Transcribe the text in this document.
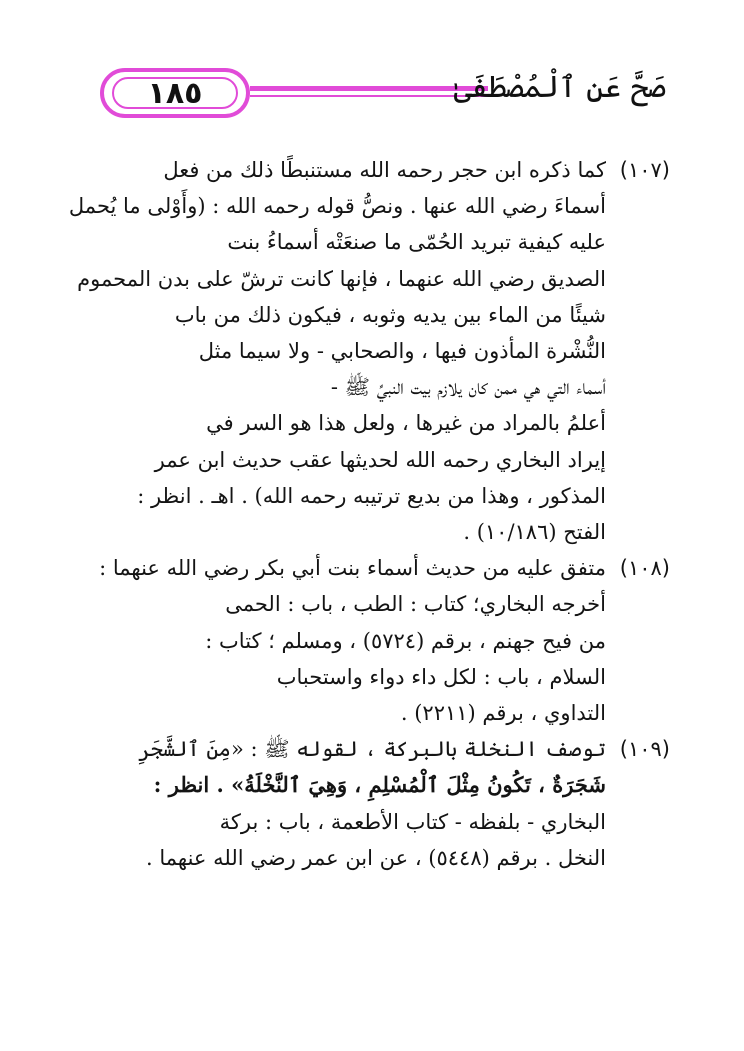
١٨٥	صَحَّ عَنِ ٱلْمُصْطَفَىٰ
(١٠٧)
كما ذكره ابن حجر رحمه الله مستنبطًا ذلك من فعل
أسماءَ رضي الله عنها . ونصُّ قوله رحمه الله : (وأَوْلى ما يُحمل
عليه كيفية تبريد الحُمّى ما صنعَتْه أسماءُ بنت
الصديق رضي الله عنهما ، فإنها كانت ترشّ على بدن المحموم
شيئًا من الماء بين يديه وثوبه ، فيكون ذلك من باب
النُّشْرة المأذون فيها ، والصحابي - ولا سيما مثل
أسماء التي هي ممن كان يلازم بيت النبيِّ ﷺ -
أعلمُ بالمراد من غيرها ، ولعل هذا هو السر في
إيراد البخاري رحمه الله لحديثها عقب حديث ابن عمر
المذكور ، وهذا من بديع ترتيبه رحمه الله) . اهـ . انظر :
الفتح (١٠/١٨٦) .
(١٠٨)
متفق عليه من حديث أسماء بنت أبي بكر رضي الله عنهما :
أخرجه البخاري؛ كتاب : الطب ، باب : الحمى
من فيح جهنم ، برقم (٥٧٢٤) ، ومسلم ؛ كتاب :
السلام ، باب : لكل داء دواء واستحباب
التداوي ، برقم (٢٢١١) .
(١٠٩)
توصف النخلة بالبركة ، لقوله ﷺ : «مِنَ ٱلشَّجَرِ
شَجَرَةٌ ، تَكُونُ مِثْلَ ٱلْمُسْلِمِ ، وَهِيَ ٱلنَّخْلَةُ» . انظر :
البخاري - بلفظه - كتاب الأطعمة ، باب : بركة
النخل . برقم (٥٤٤٨) ، عن ابن عمر رضي الله عنهما .
